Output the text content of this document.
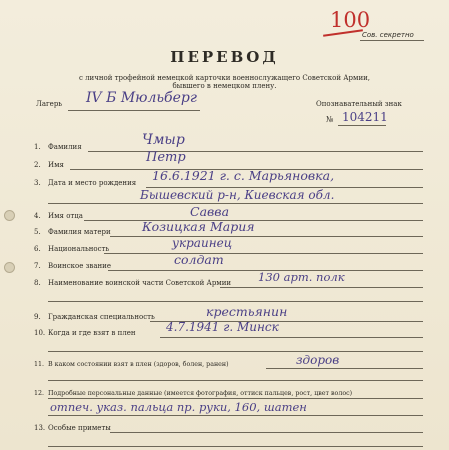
100
Сов. секретно
ПЕРЕВОД
с личной трофейной немецкой карточки военнослужащего Советской Армии,
бывшего в немецком плену.
Лагерь IV Б Мюльберг	Опознавательный знак
№ 104211
1. Фамилия	Чмыр
2. Имя	Петр
3. Дата и место рождения 16.6.1921 г. с. Марьяновка,
Бышевский р-н, Киевская обл.
4. Имя отца	Савва
5. Фамилия матери	Козицкая Мария
6. Национальность	украинец
7. Воинское звание	солдат
8. Наименование воинской части Советской Армии 130 арт. полк
9. Гражданская специальность	крестьянин
10. Когда и где взят в плен	4.7.1941 г. Минск
11. В каком состоянии взят в плен (здоров, болен, ранен)	здоров
12. Подробные персональные данные (имеется фотография, оттиск пальцев, рост, цвет волос)
отпеч. указ. пальца пр. руки, 160, шатен
13. Особые приметы
